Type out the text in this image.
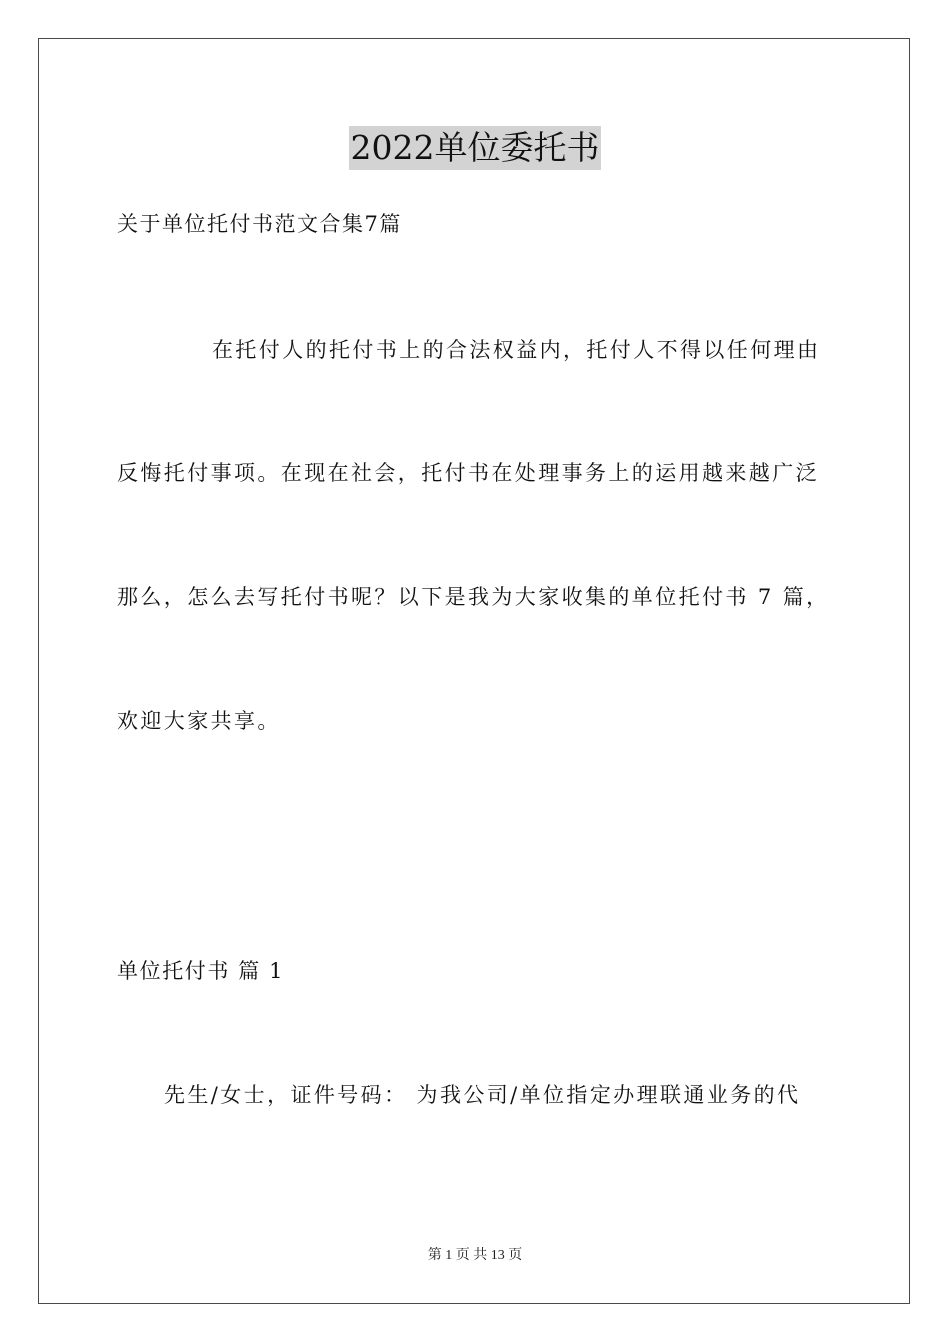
2022单位委托书
关于单位托付书范文合集7篇
在托付人的托付书上的合法权益内，托付人不得以任何理由
反悔托付事项。在现在社会，托付书在处理事务上的运用越来越广泛
那么，怎么去写托付书呢？以下是我为大家收集的单位托付书 7 篇，
欢迎大家共享。
单位托付书 篇 1
先生/女士，证件号码： 为我公司/单位指定办理联通业务的代
第 1 页 共 13 页
